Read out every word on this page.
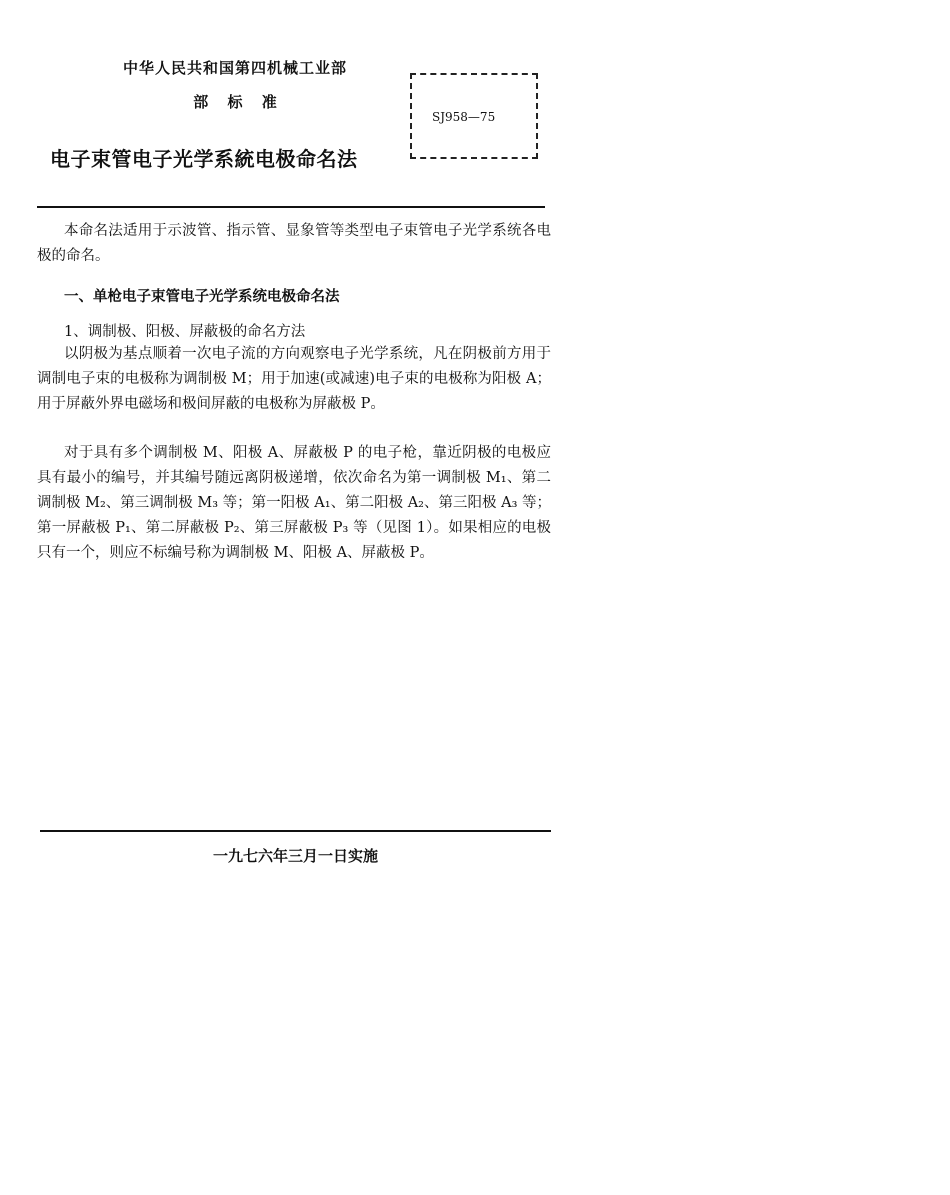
中华人民共和国第四机械工业部
部 标 准
电子束管电子光学系統电极命名法
SJ958—75
本命名法适用于示波管、指示管、显象管等类型电子束管电子光学系统各电极的命名。
一、单枪电子束管电子光学系统电极命名法
1、调制极、阳极、屏蔽极的命名方法
以阴极为基点顺着一次电子流的方向观察电子光学系统，凡在阴极前方用于调制电子束的电极称为调制极 M；用于加速(或减速)电子束的电极称为阳极 A；用于屏蔽外界电磁场和极间屏蔽的电极称为屏蔽极 P。
对于具有多个调制极 M、阳极 A、屏蔽极 P 的电子枪，靠近阴极的电极应具有最小的编号，并其编号随远离阴极递增，依次命名为第一调制极 M₁、第二调制极 M₂、第三调制极 M₃ 等；第一阳极 A₁、第二阳极 A₂、第三阳极 A₃ 等；第一屏蔽极 P₁、第二屏蔽极 P₂、第三屏蔽极 P₃ 等（见图 1）。如果相应的电极只有一个，则应不标编号称为调制极 M、阳极 A、屏蔽极 P。
一九七六年三月一日实施
